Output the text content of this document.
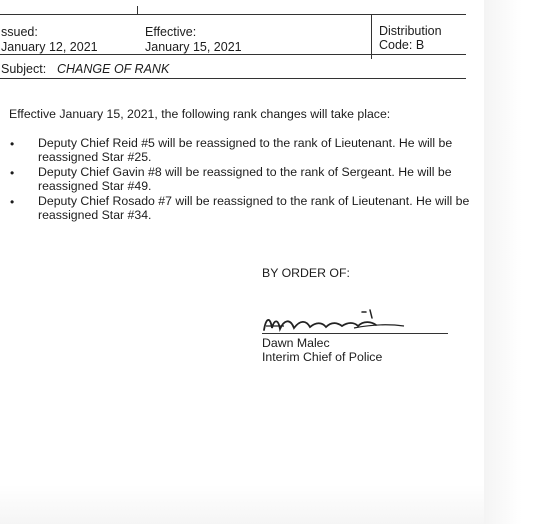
ssued:
January 12, 2021
Effective:
January 15, 2021
Distribution
Code: B
Subject: CHANGE OF RANK
Effective January 15, 2021, the following rank changes will take place:
• Deputy Chief Reid #5 will be reassigned to the rank of Lieutenant. He will be
reassigned Star #25.
• Deputy Chief Gavin #8 will be reassigned to the rank of Sergeant. He will be
reassigned Star #49.
• Deputy Chief Rosado #7 will be reassigned to the rank of Lieutenant. He will be
reassigned Star #34.
BY ORDER OF:
Dawn Malec
Interim Chief of Police
